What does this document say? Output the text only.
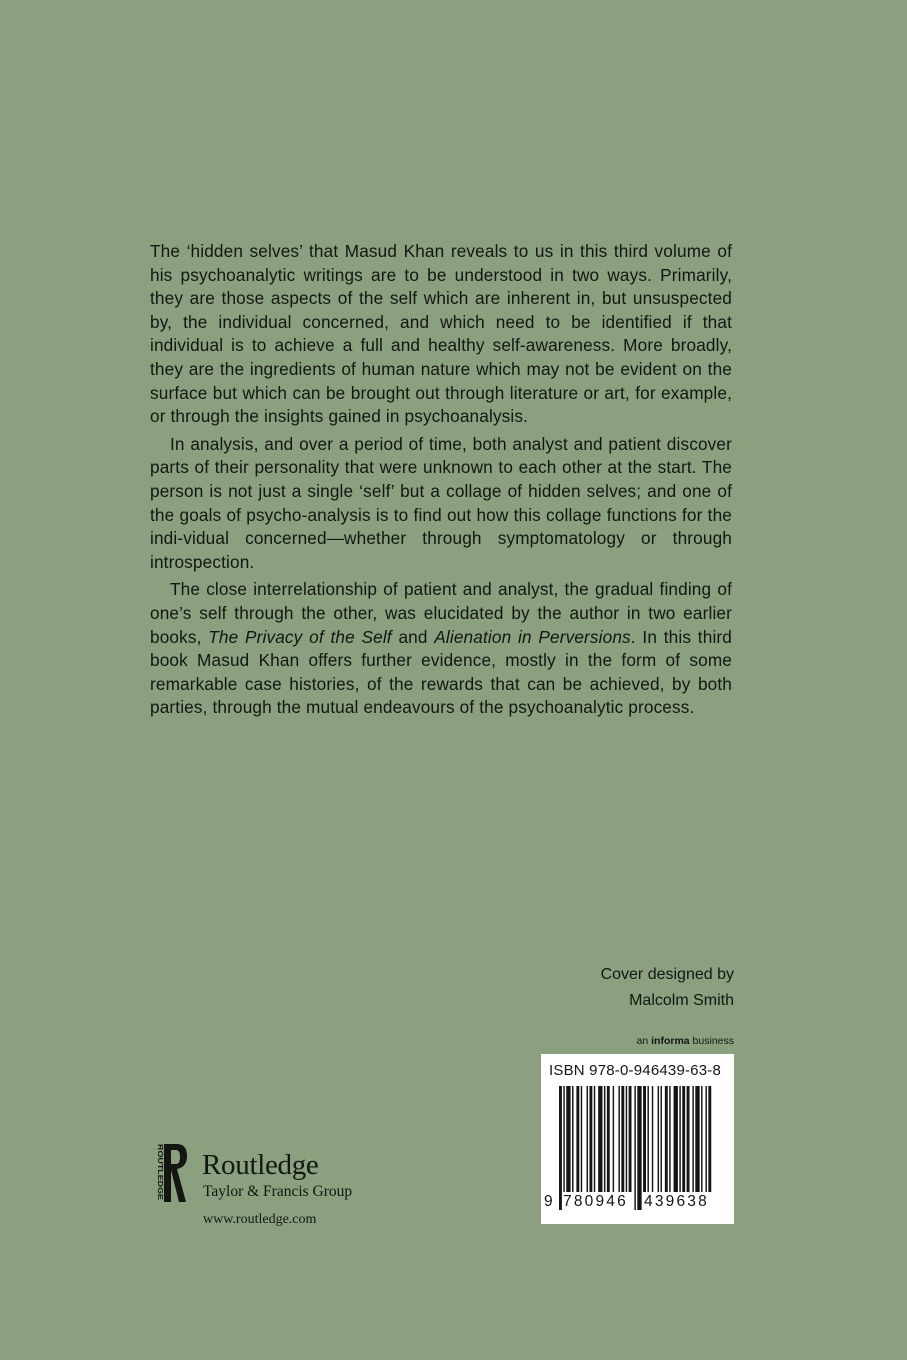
The ‘hidden selves’ that Masud Khan reveals to us in this third volume of his psychoanalytic writings are to be understood in two ways. Primarily, they are those aspects of the self which are inherent in, but unsuspected by, the individual concerned, and which need to be identified if that individual is to achieve a full and healthy self-awareness. More broadly, they are the ingredients of human nature which may not be evident on the surface but which can be brought out through literature or art, for example, or through the insights gained in psychoanalysis.

In analysis, and over a period of time, both analyst and patient discover parts of their personality that were unknown to each other at the start. The person is not just a single ‘self’ but a collage of hidden selves; and one of the goals of psycho-analysis is to find out how this collage functions for the indi-vidual concerned—whether through symptomatology or through introspection.

The close interrelationship of patient and analyst, the gradual finding of one’s self through the other, was elucidated by the author in two earlier books, The Privacy of the Self and Alienation in Perversions. In this third book Masud Khan offers further evidence, mostly in the form of some remarkable case histories, of the rewards that can be achieved, by both parties, through the mutual endeavours of the psychoanalytic process.

Cover designed by
Malcolm Smith
an informa business
ISBN 978-0-946439-63-8
9 780946 439638
ROUTLEDGE Routledge
Taylor & Francis Group
www.routledge.com
